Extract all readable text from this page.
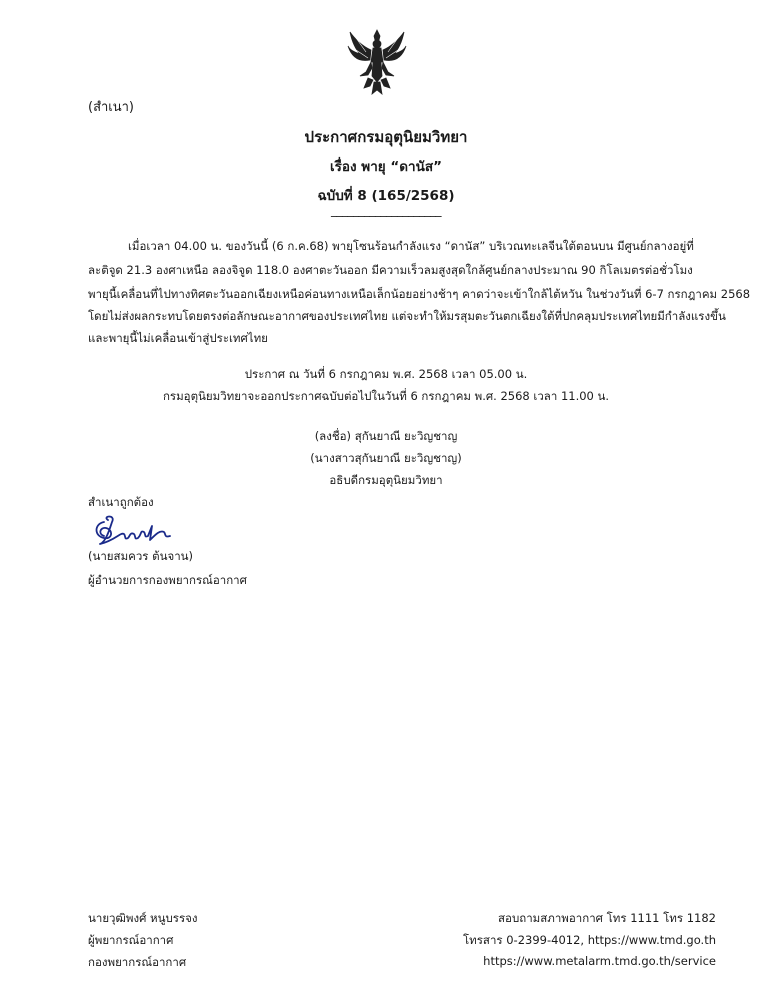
(สำเนา)
ประกาศกรมอุตุนิยมวิทยา
เรื่อง พายุ “ดานัส”
ฉบับที่ 8 (165/2568)
____________________
เมื่อเวลา 04.00 น. ของวันนี้ (6 ก.ค.68) พายุโซนร้อนกำลังแรง “ดานัส” บริเวณทะเลจีนใต้ตอนบน มีศูนย์กลางอยู่ที่
ละติจูด 21.3 องศาเหนือ ลองจิจูด 118.0 องศาตะวันออก มีความเร็วลมสูงสุดใกล้ศูนย์กลางประมาณ 90 กิโลเมตรต่อชั่วโมง
พายุนี้เคลื่อนที่ไปทางทิศตะวันออกเฉียงเหนือค่อนทางเหนือเล็กน้อยอย่างช้าๆ คาดว่าจะเข้าใกล้ไต้หวัน ในช่วงวันที่ 6-7 กรกฎาคม 2568
โดยไม่ส่งผลกระทบโดยตรงต่อลักษณะอากาศของประเทศไทย แต่จะทำให้มรสุมตะวันตกเฉียงใต้ที่ปกคลุมประเทศไทยมีกำลังแรงขึ้น
และพายุนี้ไม่เคลื่อนเข้าสู่ประเทศไทย
ประกาศ ณ วันที่ 6 กรกฎาคม พ.ศ. 2568 เวลา 05.00 น.
กรมอุตุนิยมวิทยาจะออกประกาศฉบับต่อไปในวันที่ 6 กรกฎาคม พ.ศ. 2568 เวลา 11.00 น.
(ลงชื่อ) สุกันยาณี ยะวิญชาญ
(นางสาวสุกันยาณี ยะวิญชาญ)
อธิบดีกรมอุตุนิยมวิทยา
สำเนาถูกต้อง
(นายสมควร ต้นจาน)
ผู้อำนวยการกองพยากรณ์อากาศ
นายวุฒิพงศ์ หนูบรรจง
ผู้พยากรณ์อากาศ
กองพยากรณ์อากาศ
สอบถามสภาพอากาศ โทร 1111 โทร 1182
โทรสาร 0-2399-4012, https://www.tmd.go.th
https://www.metalarm.tmd.go.th/service
